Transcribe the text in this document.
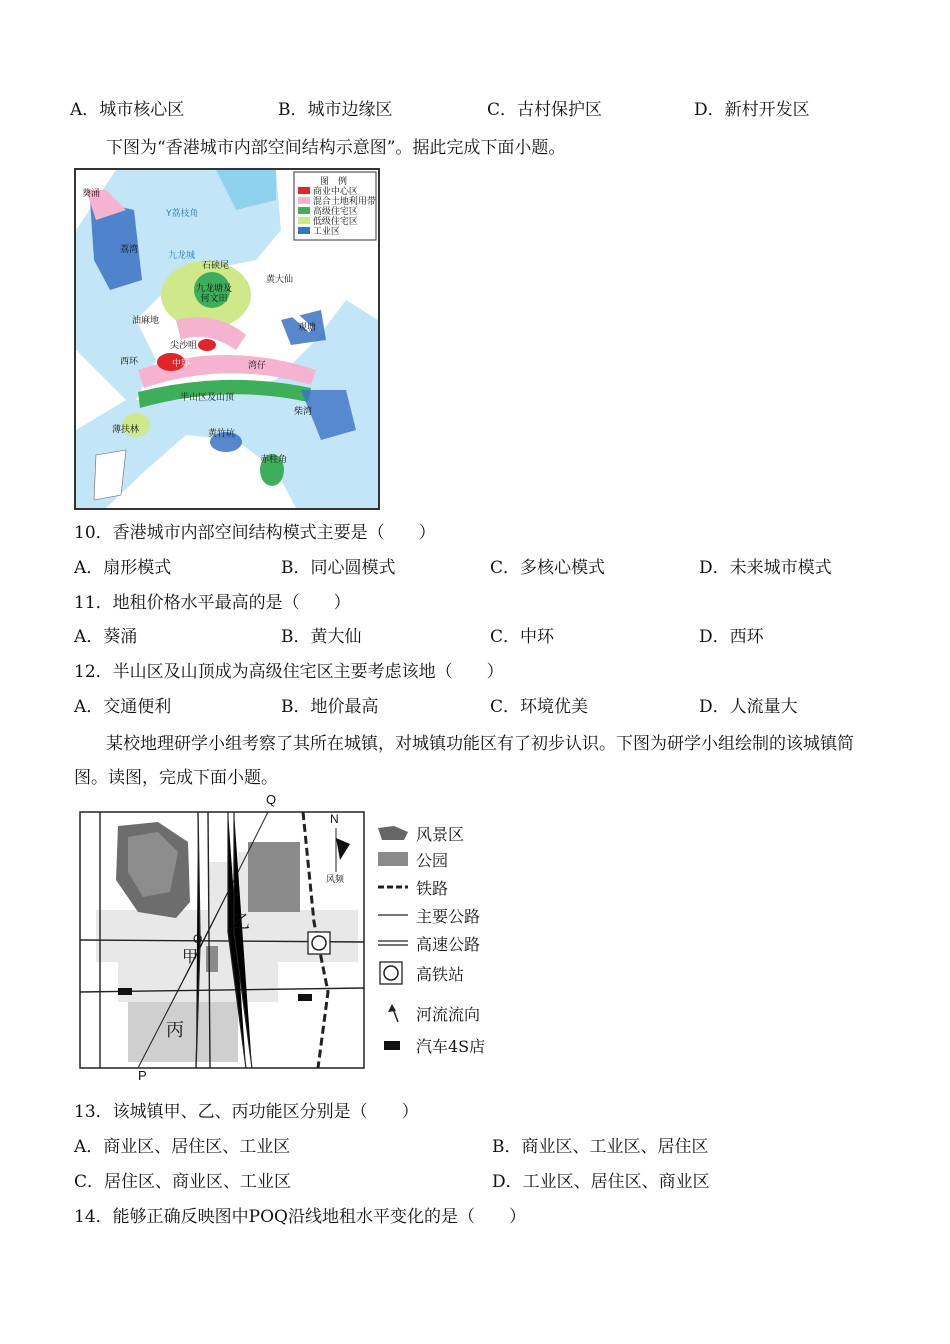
A．城市核心区	B．城市边缘区	C．古村保护区	D．新村开发区
下图为“香港城市内部空间结构示意图”。据此完成下面小题。
图　例
商业中心区
混合土地利用带
高级住宅区
低级住宅区
工业区
葵涌
荔湾
石硖尾
黄大仙
九龙塘及何文田
油麻地
观塘
西环
尖沙咀
中环	湾仔
半山区及山顶
柴湾
薄扶林	黄竹坑
赤柱角
Y荔枝角
九龙城
10．香港城市内部空间结构模式主要是（　　）
A．扇形模式	B．同心圆模式	C．多核心模式	D．未来城市模式
11．地租价格水平最高的是（　　）
A．葵涌	B．黄大仙	C．中环	D．西环
12．半山区及山顶成为高级住宅区主要考虑该地（　　）
A．交通便利	B．地价最高	C．环境优美	D．人流量大
某校地理研学小组考察了其所在城镇，对城镇功能区有了初步认识。下图为研学小组绘制的该城镇简
图。读图，完成下面小题。
Q
O
P
甲
乙
丙
N
风频
风景区
公园
铁路
主要公路
高速公路
高铁站
河流流向
汽车4S店
13．该城镇甲、乙、丙功能区分别是（　　）
A．商业区、居住区、工业区	B．商业区、工业区、居住区
C．居住区、商业区、工业区	D．工业区、居住区、商业区
14．能够正确反映图中POQ沿线地租水平变化的是（　　）
